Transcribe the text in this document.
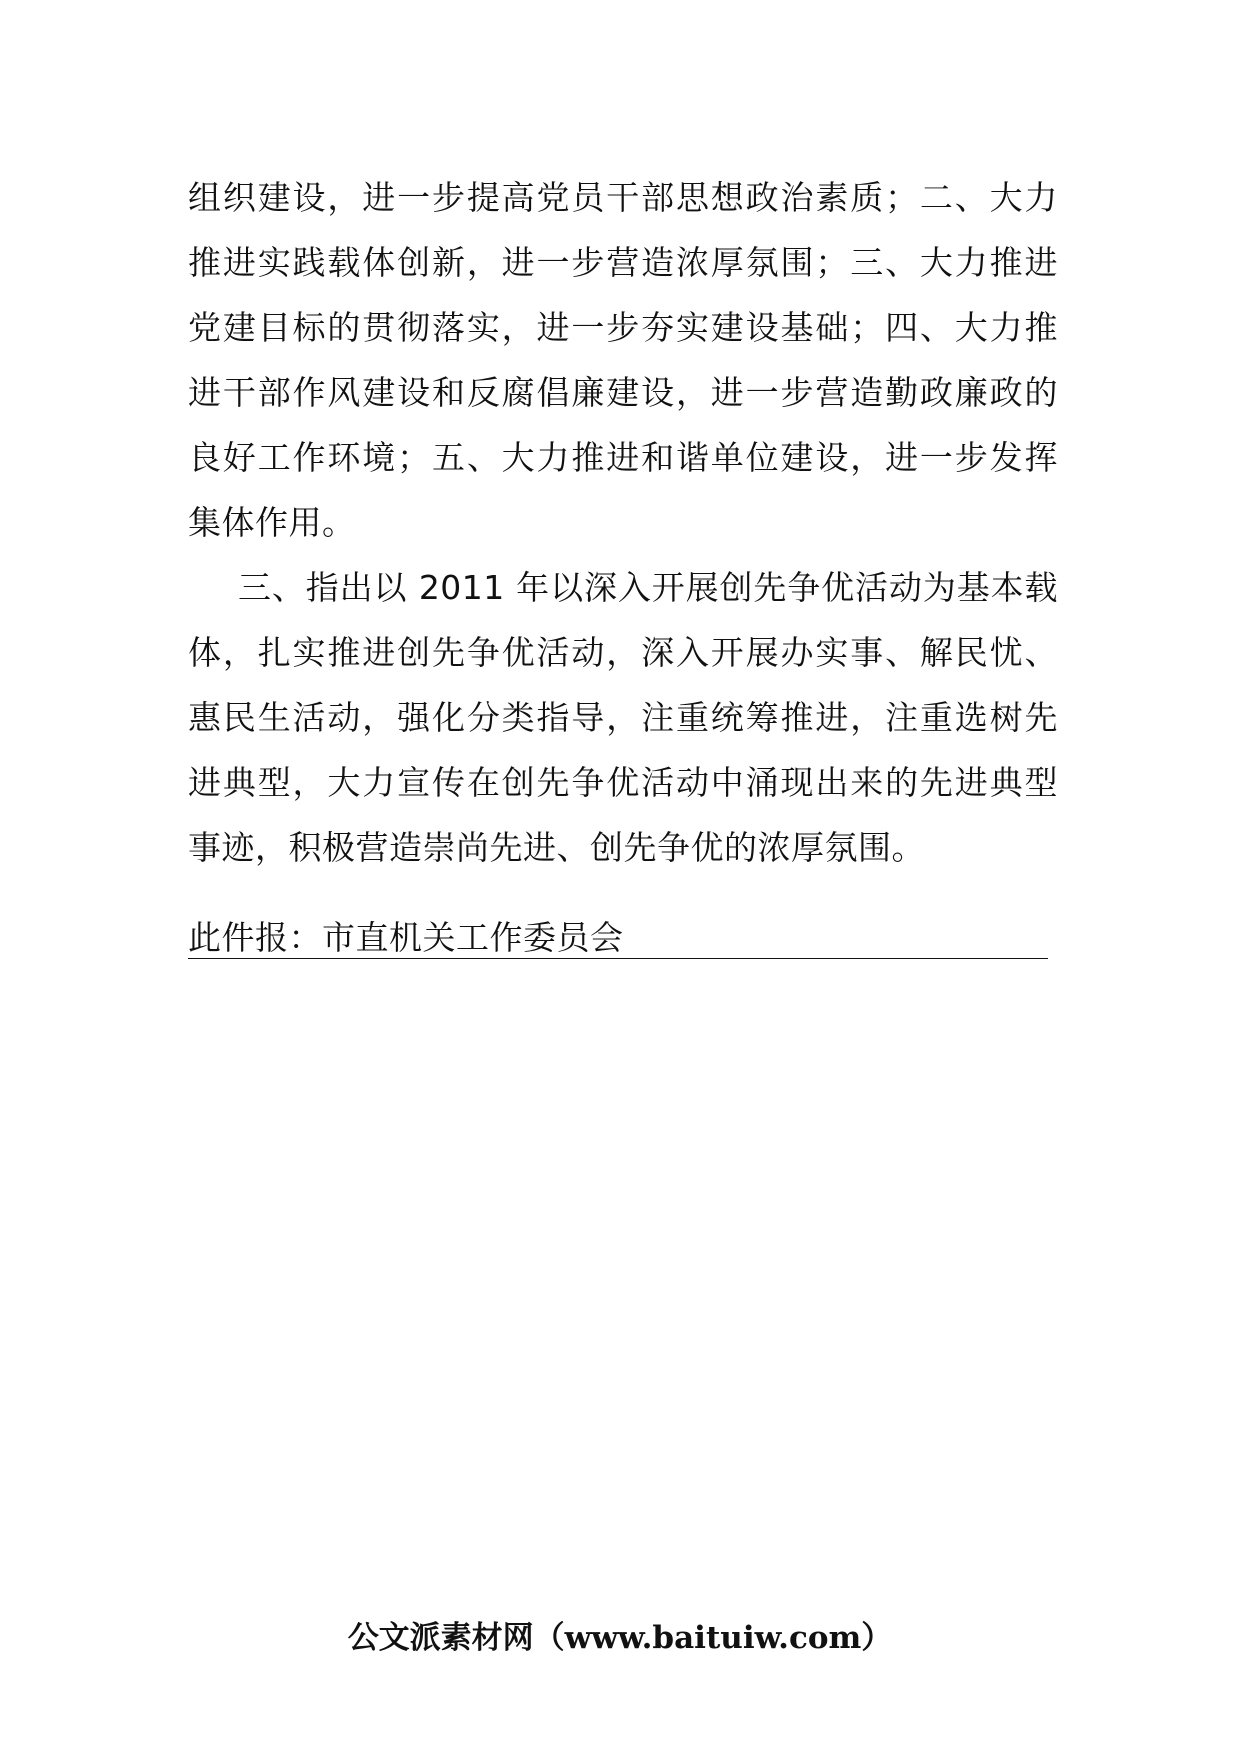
组织建设，进一步提高党员干部思想政治素质；二、大力推进实践载体创新，进一步营造浓厚氛围；三、大力推进党建目标的贯彻落实，进一步夯实建设基础；四、大力推进干部作风建设和反腐倡廉建设，进一步营造勤政廉政的良好工作环境；五、大力推进和谐单位建设，进一步发挥集体作用。

三、指出以 2011 年以深入开展创先争优活动为基本载体，扎实推进创先争优活动，深入开展办实事、解民忧、惠民生活动，强化分类指导，注重统筹推进，注重选树先进典型，大力宣传在创先争优活动中涌现出来的先进典型事迹，积极营造崇尚先进、创先争优的浓厚氛围。

此件报：市直机关工作委员会
公文派素材网（www.baituiw.com）
